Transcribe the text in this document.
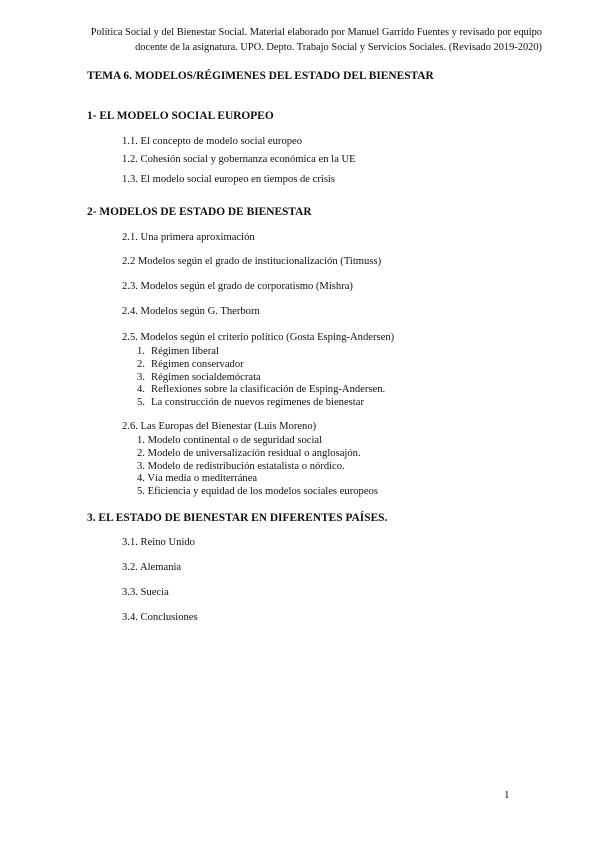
Política Social y del Bienestar Social. Material elaborado por Manuel Garrido Fuentes y revisado por equipo
docente de la asignatura. UPO. Depto. Trabajo Social y Servicios Sociales. (Revisado 2019-2020)
TEMA 6. MODELOS/RÉGIMENES DEL ESTADO DEL BIENESTAR
1- EL MODELO SOCIAL EUROPEO

1.1. El concepto de modelo social europeo

1.2. Cohesión social y gobernanza económica en la UE

1.3. El modelo social europeo en tiempos de crisis

2- MODELOS DE ESTADO DE BIENESTAR

2.1. Una primera aproximación

2.2 Modelos según el grado de institucionalización (Titmuss)

2.3. Modelos según el grado de corporatismo (Mishra)

2.4. Modelos según G. Therborn

2.5. Modelos según el criterio político (Gosta Esping-Andersen)

1. Régimen liberal
2. Régimen conservador
3. Régimen socialdemócrata
4. Reflexiones sobre la clasificación de Esping-Andersen.
5. La construcción de nuevos regímenes de bienestar

2.6. Las Europas del Bienestar (Luis Moreno)

1. Modelo continental o de seguridad social
2. Modelo de universalización residual o anglosajón.
3. Modelo de redistribución estatalista o nórdico.
4. Vía media o mediterránea
5. Eficiencia y equidad de los modelos sociales europeos
3. EL ESTADO DE BIENESTAR EN DIFERENTES PAÍSES.

3.1. Reino Unido

3.2. Alemania

3.3. Suecia

3.4. Conclusiones

1
